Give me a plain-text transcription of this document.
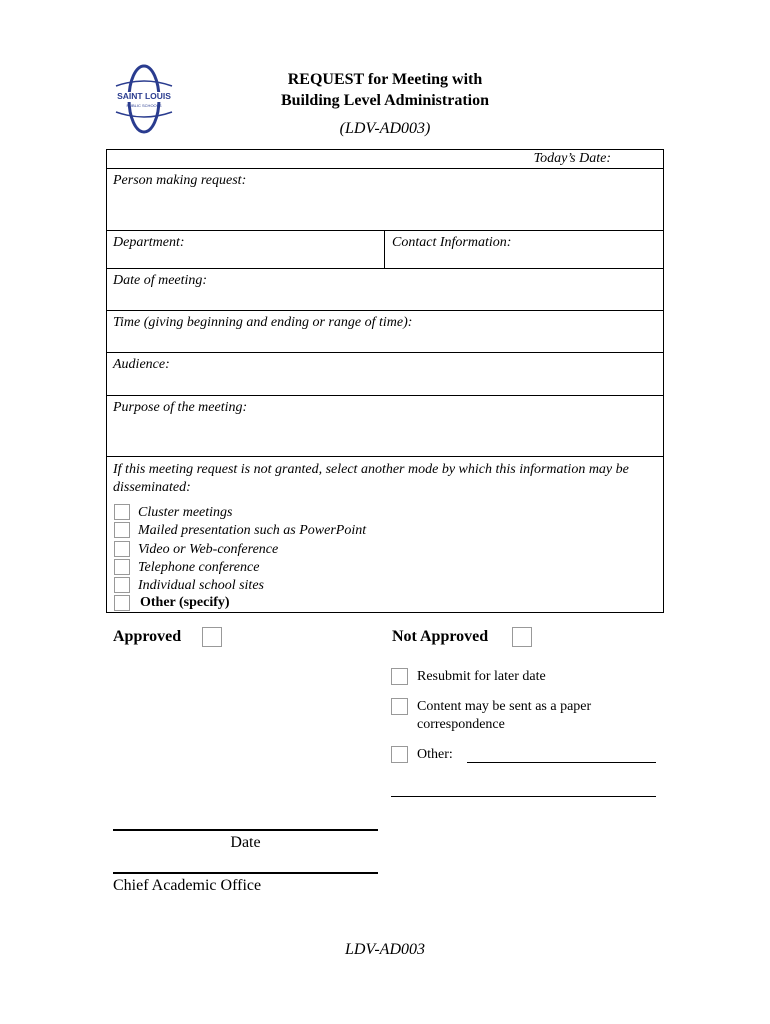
SAINT LOUIS
PUBLIC SCHOOLS
REQUEST for Meeting with
Building Level Administration
(LDV-AD003)
Today’s Date:
Person making request:
Department:	Contact Information:
Date of meeting:
Time (giving beginning and ending or range of time):
Audience:
Purpose of the meeting:
If this meeting request is not granted, select another mode by which this information may be disseminated:
Cluster meetings
Mailed presentation such as PowerPoint
Video or Web-conference
Telephone conference
Individual school sites
Other (specify)
Approved	Not Approved
Resubmit for later date
Content may be sent as a paper
correspondence
Other:
Date
Chief Academic Office
LDV-AD003
